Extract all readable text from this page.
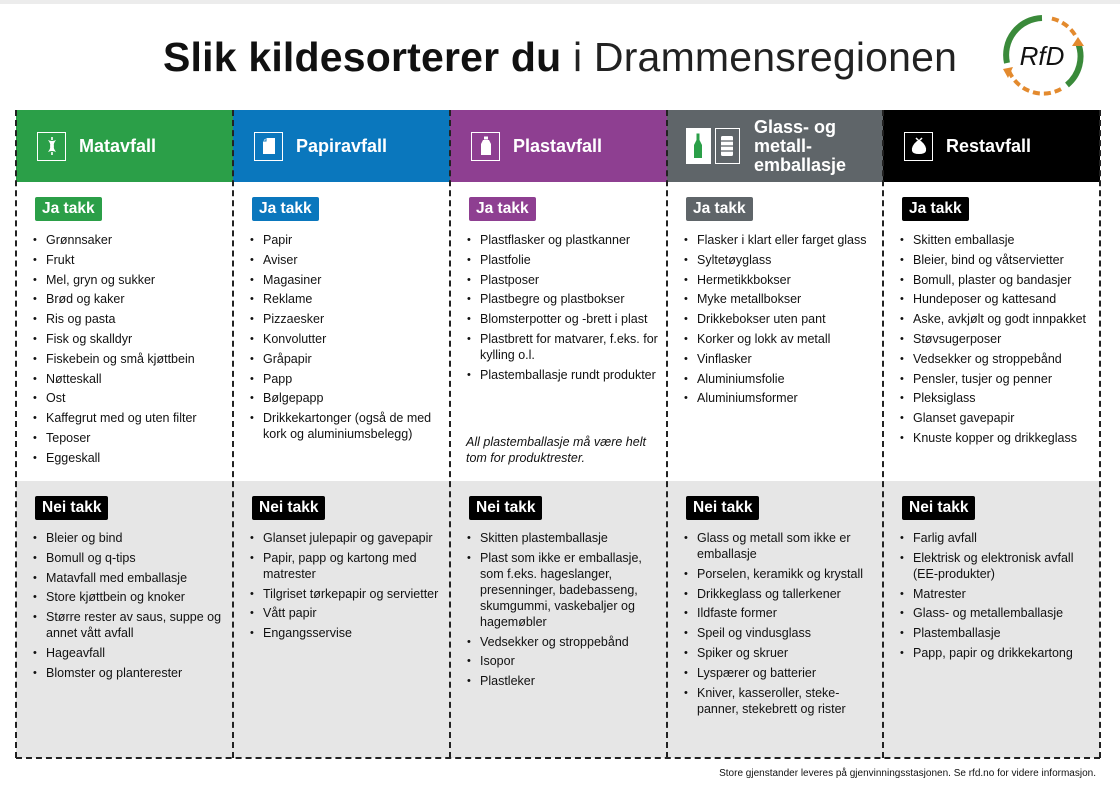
Slik kildesorterer du i Drammensregionen RfD
Matavfall
Ja takk
• Grønnsaker
• Frukt
• Mel, gryn og sukker
• Brød og kaker
• Ris og pasta
• Fisk og skalldyr
• Fiskebein og små kjøttbein
• Nøtteskall
• Ost
• Kaffegrut med og uten filter
• Teposer
• Eggeskall
Nei takk
• Bleier og bind
• Bomull og q-tips
• Matavfall med emballasje
• Store kjøttbein og knoker
• Større rester av saus, suppe og annet vått avfall
• Hageavfall
• Blomster og planterester
Papiravfall
Ja takk
• Papir
• Aviser
• Magasiner
• Reklame
• Pizzaesker
• Konvolutter
• Gråpapir
• Papp
• Bølgepapp
• Drikkekartonger (også de med kork og aluminiumsbelegg)
Nei takk
• Glanset julepapir og gavepapir
• Papir, papp og kartong med matrester
• Tilgriset tørkepapir og servietter
• Vått papir
• Engangsservise
Plastavfall
Ja takk
• Plastflasker og plastkanner
• Plastfolie
• Plastposer
• Plastbegre og plastbokser
• Blomsterpotter og -brett i plast
• Plastbrett for matvarer, f.eks. for kylling o.l.
• Plastemballasje rundt produkter
All plastemballasje må være helt tom for produktrester.
Nei takk
• Skitten plastemballasje
• Plast som ikke er emballasje, som f.eks. hageslanger, presenninger, badebasseng, skumgummi, vaskebaljer og hagemøbler
• Vedsekker og stroppebånd
• Isopor
• Plastleker
Glass- og
metall-
emballasje
Ja takk
• Flasker i klart eller farget glass
• Syltetøyglass
• Hermetikkbokser
• Myke metallbokser
• Drikkebokser uten pant
• Korker og lokk av metall
• Vinflasker
• Aluminiumsfolie
• Aluminiumsformer
Nei takk
• Glass og metall som ikke er emballasje
• Porselen, keramikk og krystall
• Drikkeglass og tallerkener
• Ildfaste former
• Speil og vindusglass
• Spiker og skruer
• Lyspærer og batterier
• Kniver, kasseroller, steke-panner, stekebrett og rister
Restavfall
Ja takk
• Skitten emballasje
• Bleier, bind og våtservietter
• Bomull, plaster og bandasjer
• Hundeposer og kattesand
• Aske, avkjølt og godt innpakket
• Støvsugerposer
• Vedsekker og stroppebånd
• Pensler, tusjer og penner
• Pleksiglass
• Glanset gavepapir
• Knuste kopper og drikkeglass
Nei takk
• Farlig avfall
• Elektrisk og elektronisk avfall (EE-produkter)
• Matrester
• Glass- og metallemballasje
• Plastemballasje
• Papp, papir og drikkekartong
Store gjenstander leveres på gjenvinningsstasjonen. Se rfd.no for videre informasjon.
